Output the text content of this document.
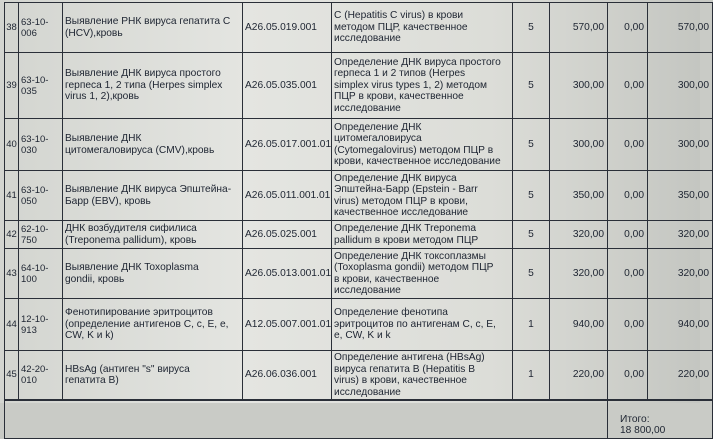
38	63-10-
006	Выявление РНК вируса гепатита С
(HCV),кровь	A26.05.019.001	С (Hepatitis C virus) в крови
методом ПЦР, качественное
исследование	5	570,00	0,00	570,00
39	63-10-
035	Выявление ДНК вируса простого
герпеса 1, 2 типа (Herpes simplex
virus 1, 2),кровь	A26.05.035.001	Определение ДНК вируса простого
герпеса 1 и 2 типов (Herpes
simplex virus types 1, 2) методом
ПЦР в крови, качественное
исследование	5	300,00	0,00	300,00
40	63-10-
030	Выявление ДНК
цитомегаловируса (CMV),кровь	A26.05.017.001.01	Определение ДНК
цитомегаловируса
(Cytomegalovirus) методом ПЦР в
крови, качественное исследование	5	300,00	0,00	300,00
41	63-10-
050	Выявление ДНК вируса Эпштейна-
Барр (EBV), кровь	A26.05.011.001.01	Определение ДНК вируса
Эпштейна-Барр (Epstein - Barr
virus) методом ПЦР в крови,
качественное исследование	5	350,00	0,00	350,00
42	62-10-
750	ДНК возбудителя сифилиса
(Treponema pallidum), кровь	A26.05.025.001	Определение ДНК Treponema
pallidum в крови методом ПЦР	5	320,00	0,00	320,00
43	64-10-
100	Выявление ДНК Toxoplasma
gondii, кровь	A26.05.013.001.01	Определение ДНК токсоплазмы
(Toxoplasma gondii) методом ПЦР
в крови, качественное
исследование	5	320,00	0,00	320,00
44	12-10-
913	Фенотипирование эритроцитов
(определение антигенов С, с, Е, е,
CW, K и k)	A12.05.007.001.01	Определение фенотипа
эритроцитов по антигенам С, с, Е,
е, CW, K и k	1	940,00	0,00	940,00
45	42-20-
010	HBsAg (антиген "s" вируса
гепатита В)	A26.06.036.001	Определение антигена (HBsAg)
вируса гепатита В (Hepatitis B
virus) в крови, качественное
исследование	1	220,00	0,00	220,00

Итого:
18 800,00	
